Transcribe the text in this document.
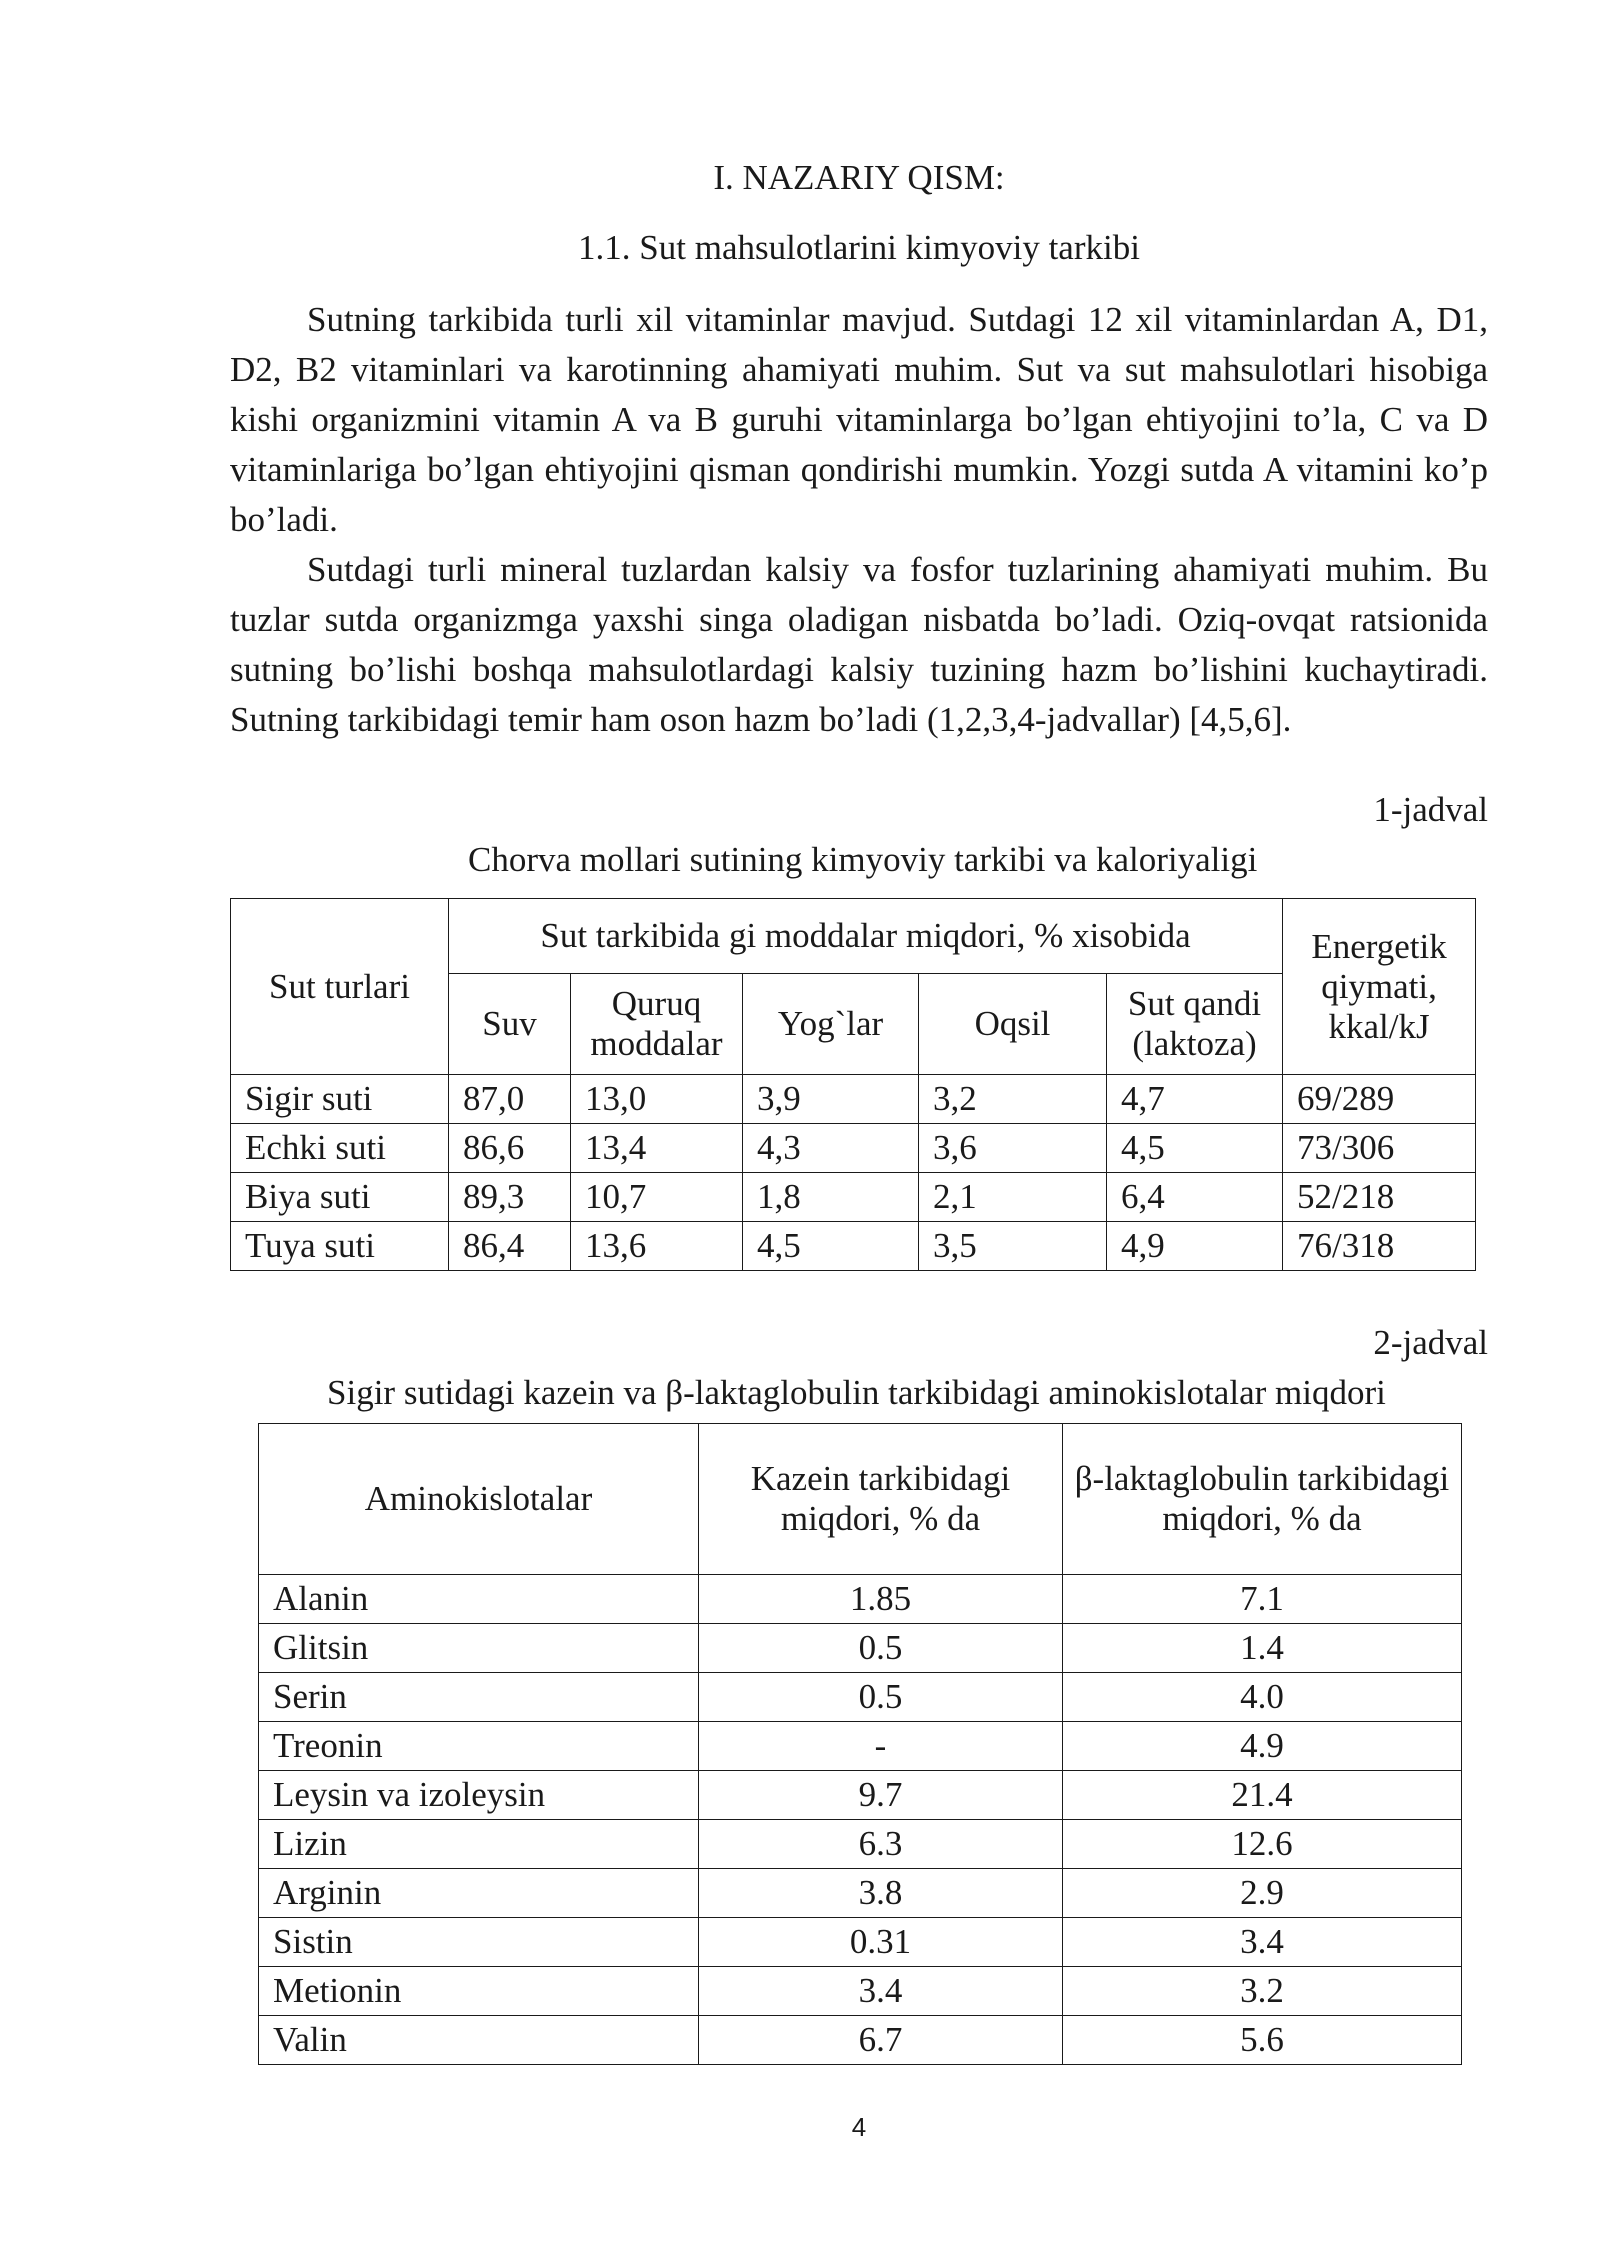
I. NAZARIY QISM:
1.1. Sut mahsulotlarini kimyoviy tarkibi

Sutning tarkibida turli xil vitaminlar mavjud. Sutdagi 12 xil vitaminlardan A, D1, D2, B2 vitaminlari va karotinning ahamiyati muhim. Sut va sut mahsulotlari hisobiga kishi organizmini vitamin A va B guruhi vitaminlarga bo’lgan ehtiyojini to’la, C va D vitaminlariga bo’lgan ehtiyojini qisman qondirishi mumkin. Yozgi sutda A vitamini ko’p bo’ladi.

Sutdagi turli mineral tuzlardan kalsiy va fosfor tuzlarining ahamiyati muhim. Bu tuzlar sutda organizmga yaxshi singa oladigan nisbatda bo’ladi. Oziq-ovqat ratsionida sutning bo’lishi boshqa mahsulotlardagi kalsiy tuzining hazm bo’lishini kuchaytiradi. Sutning tarkibidagi temir ham oson hazm bo’ladi (1,2,3,4-jadvallar) [4,5,6].

1-jadval
Chorva mollari sutining kimyoviy tarkibi va kaloriyaligi
Sut turlari	Sut tarkibida gi moddalar miqdori, % xisobida					Energetik qiymati, kkal/kJ
	Suv	Quruq moddalar	Yog`lar	Oqsil	Sut qandi (laktoza)	
Sigir suti	87,0	13,0	3,9	3,2	4,7	69/289
Echki suti	86,6	13,4	4,3	3,6	4,5	73/306
Biya suti	89,3	10,7	1,8	2,1	6,4	52/218
Tuya suti	86,4	13,6	4,5	3,5	4,9	76/318
2-jadval
Sigir sutidagi kazein va β-laktaglobulin tarkibidagi aminokislotalar miqdori
Aminokislotalar	Kazein tarkibidagi miqdori, % da	β-laktaglobulin tarkibidagi miqdori, % da
Alanin	1.85	7.1
Glitsin	0.5	1.4
Serin	0.5	4.0
Treonin	-	4.9
Leysin va izoleysin	9.7	21.4
Lizin	6.3	12.6
Arginin	3.8	2.9
Sistin	0.31	3.4
Metionin	3.4	3.2
Valin	6.7	5.6
4
